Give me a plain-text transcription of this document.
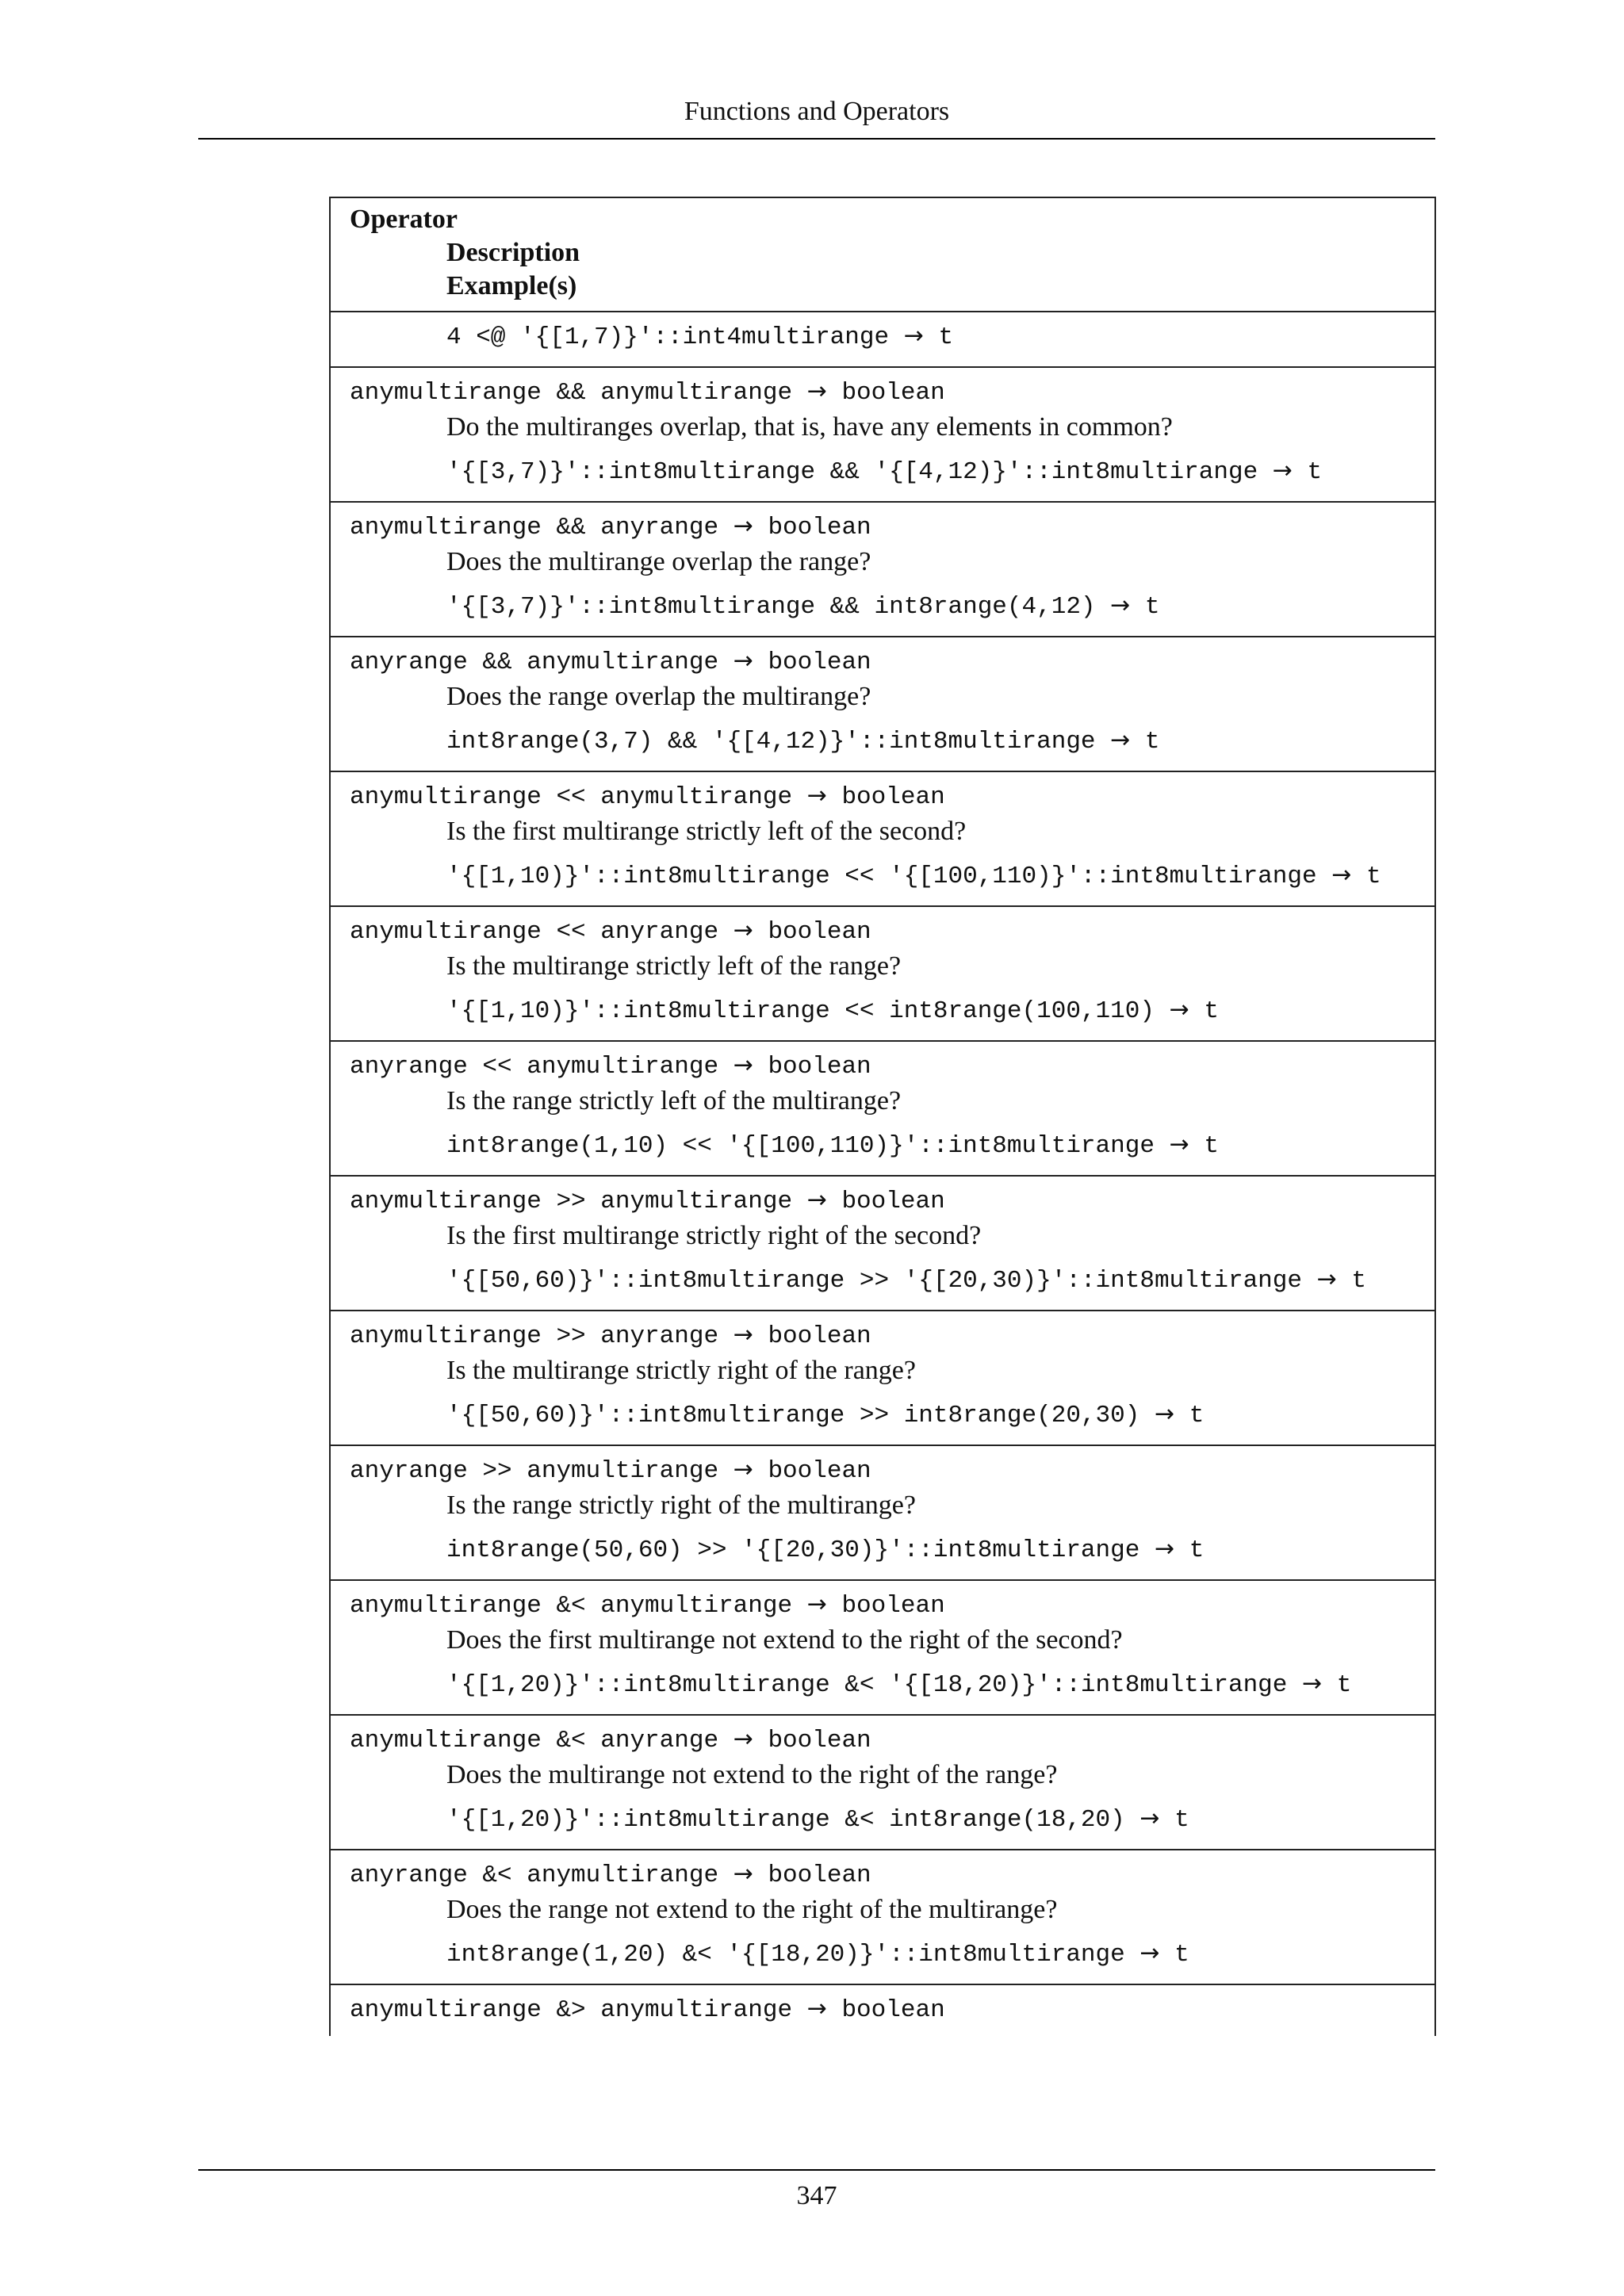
Functions and Operators
Operator
Description
Example(s)

4 <@ '{[1,7)}'::int4multirange → t

anymultirange && anymultirange → boolean
Do the multiranges overlap, that is, have any elements in common?
'{[3,7)}'::int8multirange && '{[4,12)}'::int8multirange → t

anymultirange && anyrange → boolean
Does the multirange overlap the range?
'{[3,7)}'::int8multirange && int8range(4,12) → t

anyrange && anymultirange → boolean
Does the range overlap the multirange?
int8range(3,7) && '{[4,12)}'::int8multirange → t

anymultirange << anymultirange → boolean
Is the first multirange strictly left of the second?
'{[1,10)}'::int8multirange << '{[100,110)}'::int8multirange → t

anymultirange << anyrange → boolean
Is the multirange strictly left of the range?
'{[1,10)}'::int8multirange << int8range(100,110) → t

anyrange << anymultirange → boolean
Is the range strictly left of the multirange?
int8range(1,10) << '{[100,110)}'::int8multirange → t

anymultirange >> anymultirange → boolean
Is the first multirange strictly right of the second?
'{[50,60)}'::int8multirange >> '{[20,30)}'::int8multirange → t

anymultirange >> anyrange → boolean
Is the multirange strictly right of the range?
'{[50,60)}'::int8multirange >> int8range(20,30) → t

anyrange >> anymultirange → boolean
Is the range strictly right of the multirange?
int8range(50,60) >> '{[20,30)}'::int8multirange → t

anymultirange &< anymultirange → boolean
Does the first multirange not extend to the right of the second?
'{[1,20)}'::int8multirange &< '{[18,20)}'::int8multirange → t

anymultirange &< anyrange → boolean
Does the multirange not extend to the right of the range?
'{[1,20)}'::int8multirange &< int8range(18,20) → t

anyrange &< anymultirange → boolean
Does the range not extend to the right of the multirange?
int8range(1,20) &< '{[18,20)}'::int8multirange → t

anymultirange &> anymultirange → boolean
347
